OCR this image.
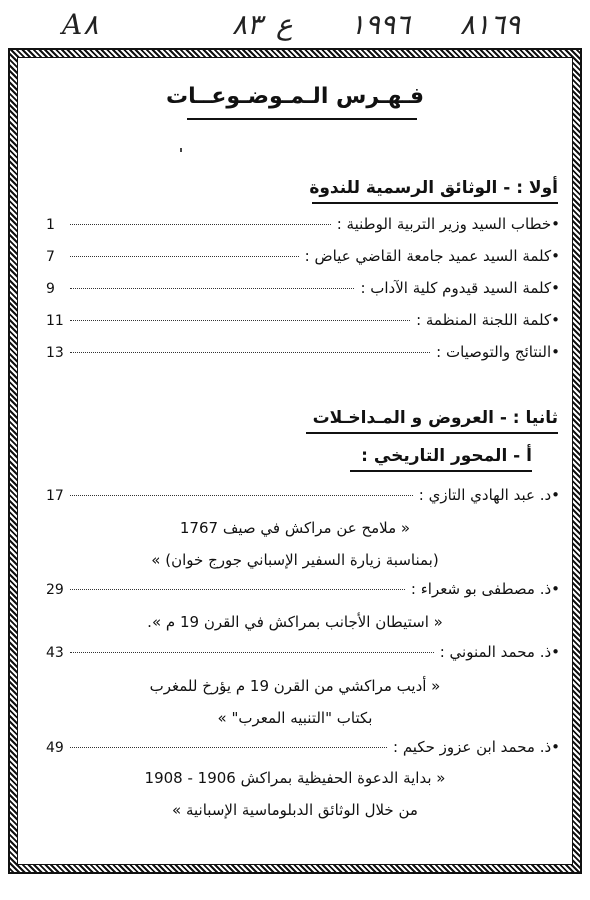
A٨	٨٣ ع ١٩٩٦ ٨١٦٩
فـهـرس الـمـوضـوعــات
أولا : - الوثائق الرسمية للندوة
•خطاب السيد وزير التربية الوطنية :
1
•كلمة السيد عميد جامعة القاضي عياض :
7
•كلمة السيد قيدوم كلية الآداب :
9
•كلمة اللجنة المنظمة :
11
•النتائج والتوصيات :
13
ثانيا : - العروض و المـداخـلات
أ - المحور التاريخي :
•د. عبد الهادي التازي :
17
« ملامح عن مراكش في صيف 1767
(بمناسبة زيارة السفير الإسباني جورج خوان) »
•ذ. مصطفى بو شعراء :
29
« استيطان الأجانب بمراكش في القرن 19 م ».
•ذ. محمد المنوني :
43
« أديب مراكشي من القرن 19 م يؤرخ للمغرب
بكتاب "التنبيه المعرب" »
•ذ. محمد ابن عزوز حكيم :
49
« بداية الدعوة الحفيظية بمراكش 1906 - 1908
من خلال الوثائق الدبلوماسية الإسبانية »
